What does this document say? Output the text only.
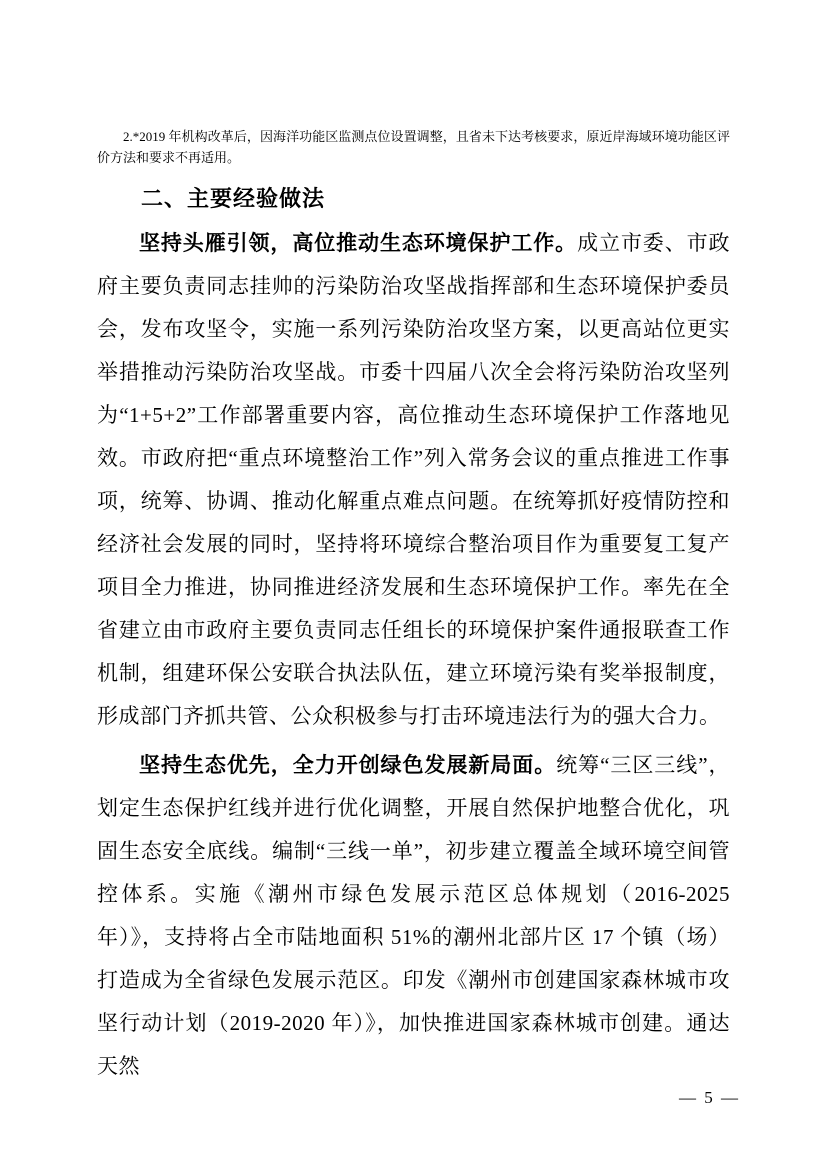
2.*2019 年机构改革后，因海洋功能区监测点位设置调整，且省未下达考核要求，原近岸海域环境功能区评价方法和要求不再适用。

二、主要经验做法

坚持头雁引领，高位推动生态环境保护工作。成立市委、市政府主要负责同志挂帅的污染防治攻坚战指挥部和生态环境保护委员会，发布攻坚令，实施一系列污染防治攻坚方案，以更高站位更实举措推动污染防治攻坚战。市委十四届八次全会将污染防治攻坚列为“1+5+2”工作部署重要内容，高位推动生态环境保护工作落地见效。市政府把“重点环境整治工作”列入常务会议的重点推进工作事项，统筹、协调、推动化解重点难点问题。在统筹抓好疫情防控和经济社会发展的同时，坚持将环境综合整治项目作为重要复工复产项目全力推进，协同推进经济发展和生态环境保护工作。率先在全省建立由市政府主要负责同志任组长的环境保护案件通报联查工作机制，组建环保公安联合执法队伍，建立环境污染有奖举报制度，形成部门齐抓共管、公众积极参与打击环境违法行为的强大合力。

坚持生态优先，全力开创绿色发展新局面。统筹“三区三线”，划定生态保护红线并进行优化调整，开展自然保护地整合优化，巩固生态安全底线。编制“三线一单”，初步建立覆盖全域环境空间管控体系。实施《潮州市绿色发展示范区总体规划（2016-2025 年）》，支持将占全市陆地面积 51%的潮州北部片区 17 个镇（场）打造成为全省绿色发展示范区。印发《潮州市创建国家森林城市攻坚行动计划（2019-2020 年）》，加快推进国家森林城市创建。通达天然

— 5 —
